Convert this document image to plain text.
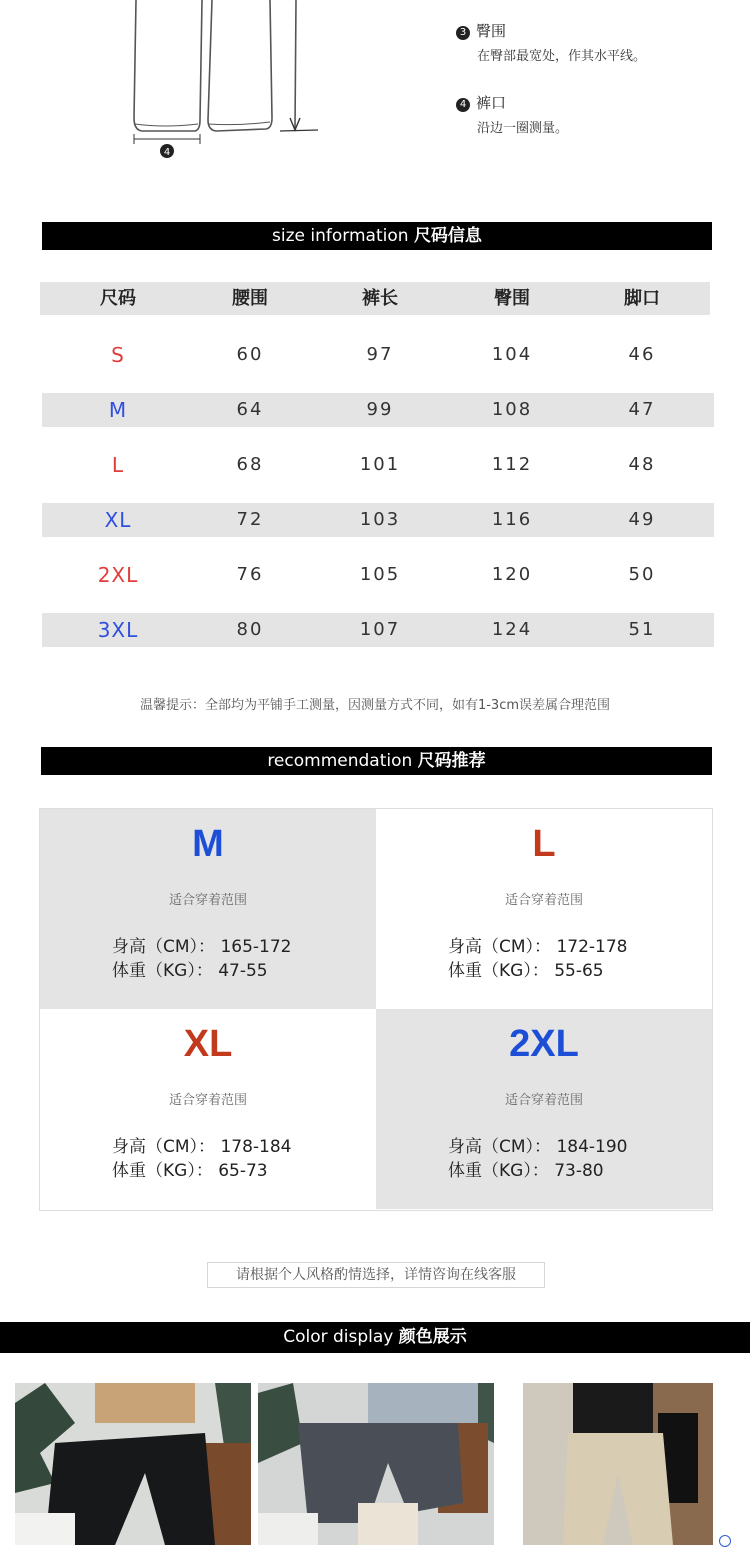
4
3 臀围
在臀部最宽处，作其水平线。
4 裤口
沿边一圈测量。
size information 尺码信息
尺码	腰围	裤长	臀围	脚口
S	60	97	104	46
M	64	99	108	47
L	68	101	112	48
XL	72	103	116	49
2XL	76	105	120	50
3XL	80	107	124	51
温馨提示：全部均为平铺手工测量，因测量方式不同，如有1-3cm误差属合理范围
recommendation 尺码推荐
M
适合穿着范围
身高（CM）： 165-172
体重（KG）： 47-55
L
适合穿着范围
身高（CM）： 172-178
体重（KG）： 55-65
XL
适合穿着范围
身高（CM）： 178-184
体重（KG）： 65-73
2XL
适合穿着范围
身高（CM）： 184-190
体重（KG）： 73-80
请根据个人风格酌情选择，详情咨询在线客服
Color display 颜色展示
